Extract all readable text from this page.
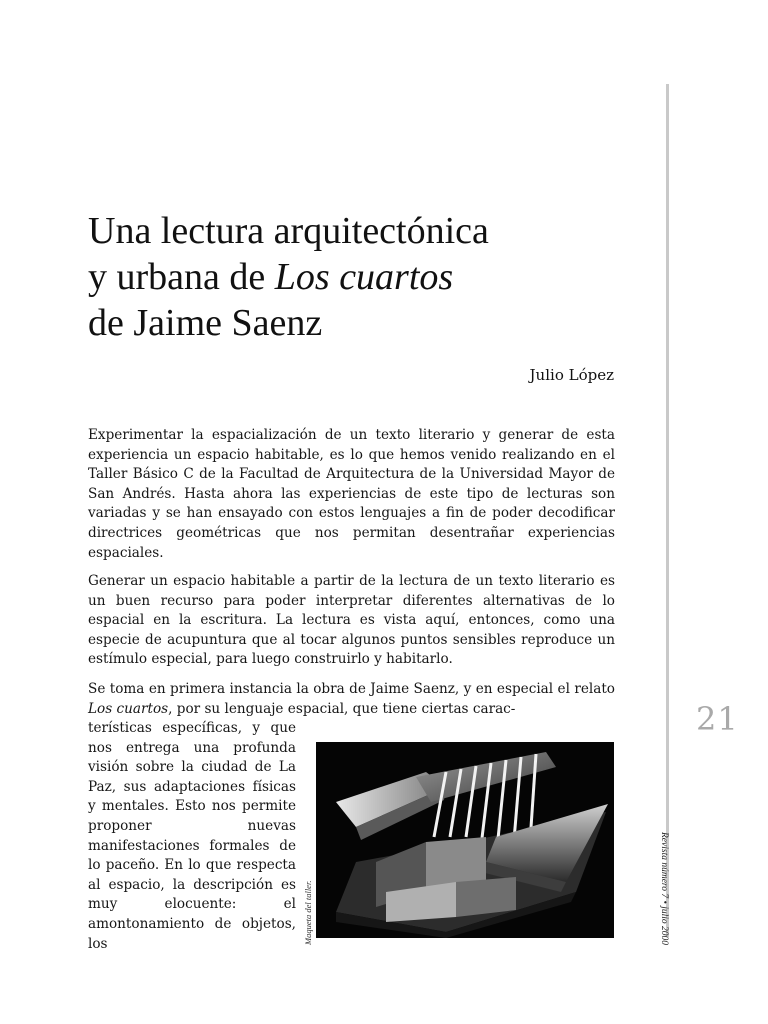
Una lectura arquitectónica
y urbana de Los cuartos
de Jaime Saenz
Julio López

Experimentar la espacialización de un texto literario y generar de esta experiencia un espacio habitable, es lo que hemos venido realizando en el Taller Básico C de la Facultad de Arquitectura de la Universidad Mayor de San Andrés. Hasta ahora las experiencias de este tipo de lecturas son variadas y se han ensayado con estos lenguajes a fin de poder decodificar directrices geométricas que nos permitan desentrañar experiencias espaciales.

Generar un espacio habitable a partir de la lectura de un texto literario es un buen recurso para poder interpretar diferentes alternativas de lo espacial en la escritura. La lectura es vista aquí, entonces, como una especie de acupuntura que al tocar algunos puntos sensibles reproduce un estímulo especial, para luego construirlo y habitarlo.

Se toma en primera instancia la obra de Jaime Saenz, y en especial el relato Los cuartos, por su lenguaje espacial, que tiene ciertas carac-

terísticas específicas, y que nos entrega una profunda visión sobre la ciudad de La Paz, sus adaptaciones físicas y mentales. Esto nos permite proponer nuevas manifestaciones formales de lo paceño. En lo que respecta al espacio, la descripción es muy elocuente: el amontonamiento de objetos, los	Maqueta del taller.
21
Revista número 7 • julio 2000
